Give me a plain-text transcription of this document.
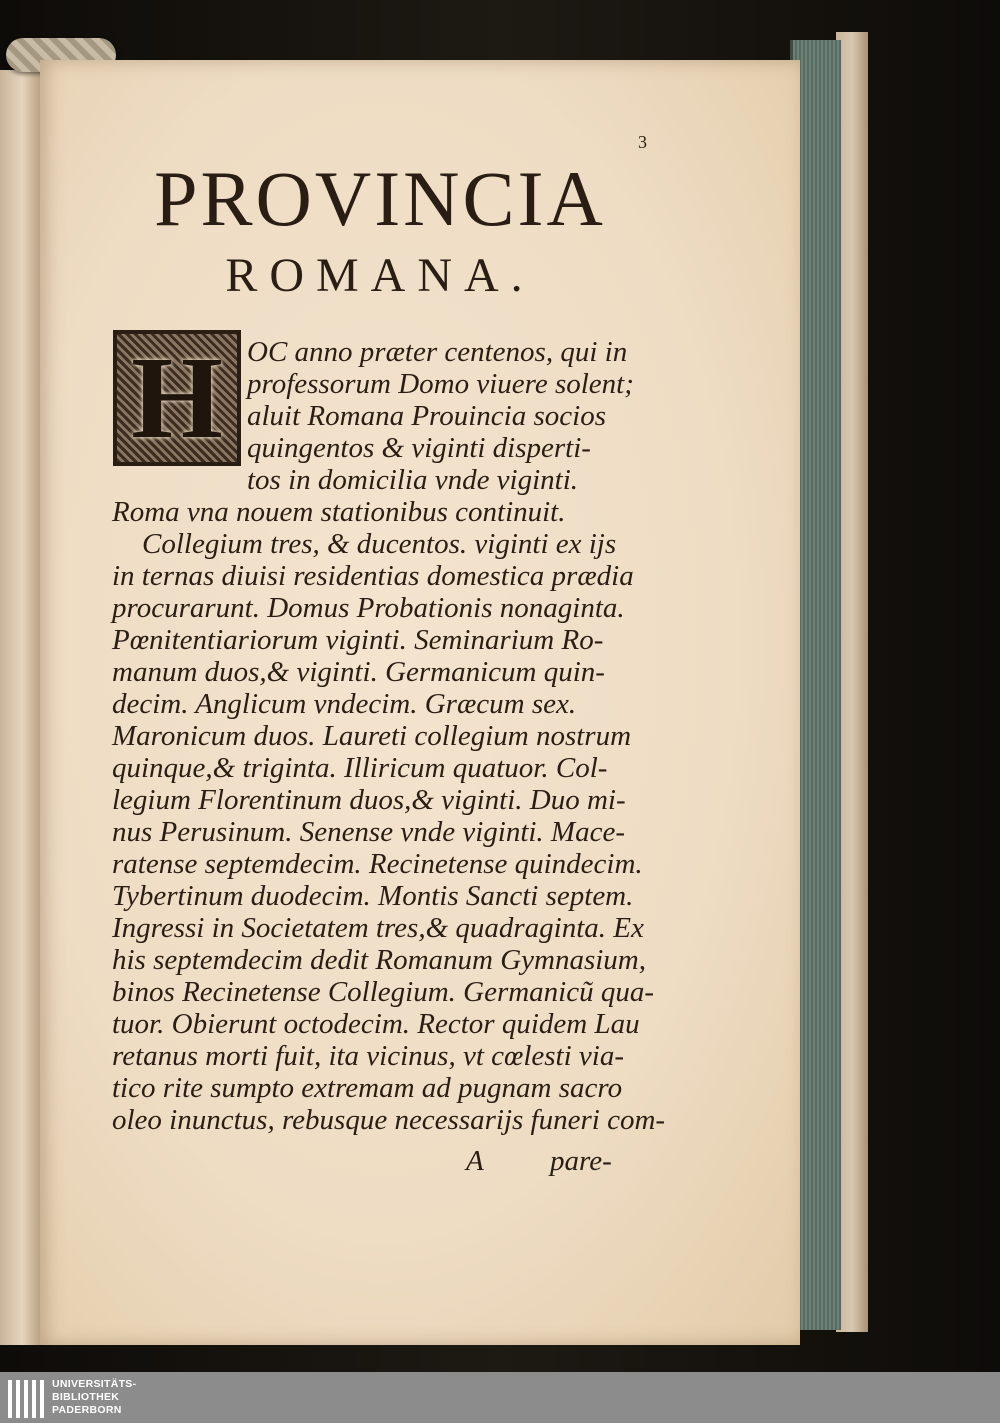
3
PROVINCIA
ROMANA.
H OC anno præter centenos, qui in
professorum Domo viuere solent;
aluit Romana Prouincia socios
quingentos & viginti disperti-
tos in domicilia vnde viginti.
Roma vna nouem stationibus continuit.
Collegium tres, & ducentos. viginti ex ijs
in ternas diuisi residentias domestica prædia
procurarunt. Domus Probationis nonaginta.
Pœnitentiariorum viginti. Seminarium Ro-
manum duos,& viginti. Germanicum quin-
decim. Anglicum vndecim. Græcum sex.
Maronicum duos. Laureti collegium nostrum
quinque,& triginta. Illiricum quatuor. Col-
legium Florentinum duos,& viginti. Duo mi-
nus Perusinum. Senense vnde viginti. Mace-
ratense septemdecim. Recinetense quindecim.
Tybertinum duodecim. Montis Sancti septem.
Ingressi in Societatem tres,& quadraginta. Ex
his septemdecim dedit Romanum Gymnasium,
binos Recinetense Collegium. Germanicũ qua-
tuor. Obierunt octodecim. Rector quidem Lau
retanus morti fuit, ita vicinus, vt cœlesti via-
tico rite sumpto extremam ad pugnam sacro
oleo inunctus, rebusque necessarijs funeri com-
A pare-
UNIVERSITÄTS-
BIBLIOTHEK
PADERBORN
